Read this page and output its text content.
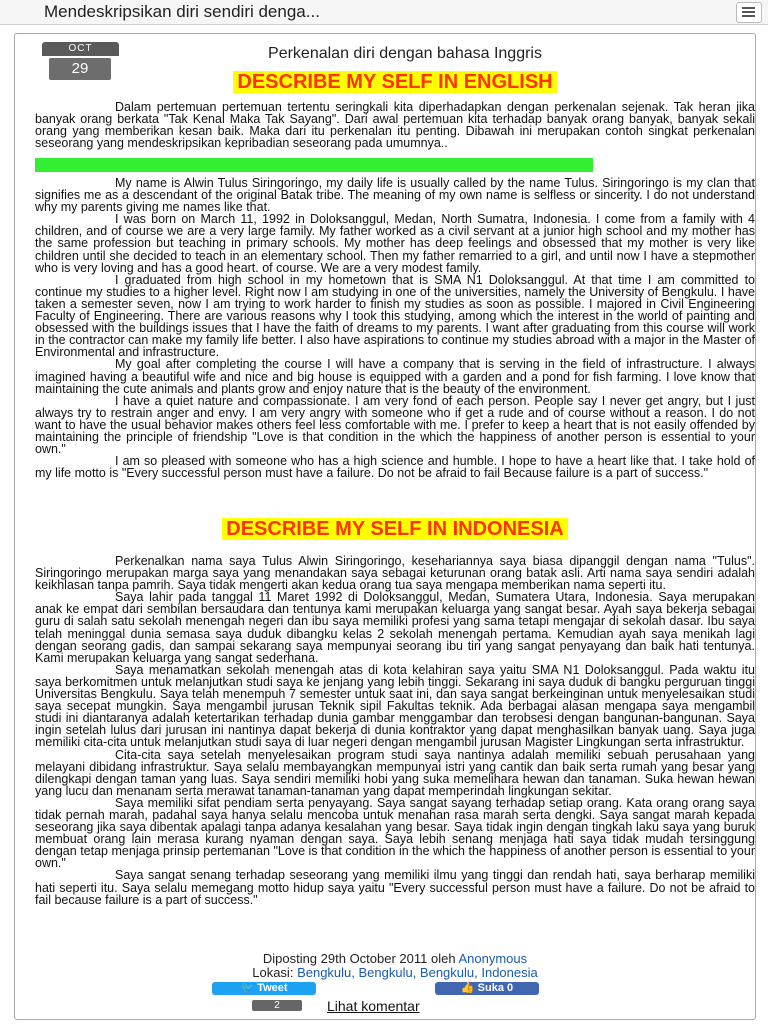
Mendeskripsikan diri sendiri denga...
OCT
29
Perkenalan diri dengan bahasa Inggris
DESCRIBE MY SELF IN ENGLISH

Dalam pertemuan pertemuan tertentu seringkali kita diperhadapkan dengan perkenalan sejenak. Tak heran jika banyak orang berkata "Tak Kenal Maka Tak Sayang". Dari awal pertemuan kita terhadap banyak orang banyak, banyak sekali orang yang memberikan kesan baik. Maka dari itu perkenalan itu penting. Dibawah ini merupakan contoh singkat perkenalan seseorang yang mendeskripsikan kepribadian seseorang pada umumnya..

My name is Alwin Tulus Siringoringo, my daily life is usually called by the name Tulus. Siringoringo is my clan that signifies me as a descendant of the original Batak tribe. The meaning of my own name is selfless or sincerity. I do not understand why my parents giving me names like that.

I was born on March 11, 1992 in Doloksanggul, Medan, North Sumatra, Indonesia. I come from a family with 4 children, and of course we are a very large family. My father worked as a civil servant at a junior high school and my mother has the same profession but teaching in primary schools. My mother has deep feelings and obsessed that my mother is very like children until she decided to teach in an elementary school. Then my father remarried to a girl, and until now I have a stepmother who is very loving and has a good heart. of course. We are a very modest family.

I graduated from high school in my hometown that is SMA N1 Doloksanggul. At that time I am committed to continue my studies to a higher level. Right now I am studying in one of the universities, namely the University of Bengkulu. I have taken a semester seven, now I am trying to work harder to finish my studies as soon as possible. I majored in Civil Engineering Faculty of Engineering. There are various reasons why I took this studying, among which the interest in the world of painting and obsessed with the buildings issues that I have the faith of dreams to my parents. I want after graduating from this course will work in the contractor can make my family life better. I also have aspirations to continue my studies abroad with a major in the Master of Environmental and infrastructure.

My goal after completing the course I will have a company that is serving in the field of infrastructure. I always imagined having a beautiful wife and nice and big house is equipped with a garden and a pond for fish farming. I love know that maintaining the cute animals and plants grow and enjoy nature that is the beauty of the environment.

I have a quiet nature and compassionate. I am very fond of each person. People say I never get angry, but I just always try to restrain anger and envy. I am very angry with someone who if get a rude and of course without a reason. I do not want to have the usual behavior makes others feel less comfortable with me. I prefer to keep a heart that is not easily offended by maintaining the principle of friendship "Love is that condition in the which the happiness of another person is essential to your own."

I am so pleased with someone who has a high science and humble. I hope to have a heart like that. I take hold of my life motto is "Every successful person must have a failure. Do not be afraid to fail Because failure is a part of success."

DESCRIBE MY SELF IN INDONESIA

Perkenalkan nama saya Tulus Alwin Siringoringo, kesehariannya saya biasa dipanggil dengan nama "Tulus". Siringoringo merupakan marga saya yang menandakan saya sebagai keturunan orang batak asli. Arti nama saya sendiri adalah keikhlasan tanpa pamrih. Saya tidak mengerti akan kedua orang tua saya mengapa memberikan nama seperti itu.

Saya lahir pada tanggal 11 Maret 1992 di Doloksanggul, Medan, Sumatera Utara, Indonesia. Saya merupakan anak ke empat dari sembilan bersaudara dan tentunya kami merupakan keluarga yang sangat besar. Ayah saya bekerja sebagai guru di salah satu sekolah menengah negeri dan ibu saya memiliki profesi yang sama tetapi mengajar di sekolah dasar. Ibu saya telah meninggal dunia semasa saya duduk dibangku kelas 2 sekolah menengah pertama. Kemudian ayah saya menikah lagi dengan seorang gadis, dan sampai sekarang saya mempunyai seorang ibu tiri yang sangat penyayang dan baik hati tentunya. Kami merupakan keluarga yang sangat sederhana.

Saya menamatkan sekolah menengah atas di kota kelahiran saya yaitu SMA N1 Doloksanggul. Pada waktu itu saya berkomitmen untuk melanjutkan studi saya ke jenjang yang lebih tinggi. Sekarang ini saya duduk di bangku perguruan tinggi Universitas Bengkulu. Saya telah menempuh 7 semester untuk saat ini, dan saya sangat berkeinginan untuk menyelesaikan studi saya secepat mungkin. Saya mengambil jurusan Teknik sipil Fakultas teknik. Ada berbagai alasan mengapa saya mengambil studi ini diantaranya adalah ketertarikan terhadap dunia gambar menggambar dan terobsesi dengan bangunan-bangunan. Saya ingin setelah lulus dari jurusan ini nantinya dapat bekerja di dunia kontraktor yang dapat menghasilkan banyak uang. Saya juga memiliki cita-cita untuk melanjutkan studi saya di luar negeri dengan mengambil jurusan Magister Lingkungan serta infrastruktur.

Cita-cita saya setelah menyelesaikan program studi saya nantinya adalah memiliki sebuah perusahaan yang melayani dibidang infrastruktur. Saya selalu membayangkan mempunyai istri yang cantik dan baik serta rumah yang besar yang dilengkapi dengan taman yang luas. Saya sendiri memiliki hobi yang suka memelihara hewan dan tanaman. Suka hewan hewan yang lucu dan menanam serta merawat tanaman-tanaman yang dapat memperindah lingkungan sekitar.

Saya memiliki sifat pendiam serta penyayang. Saya sangat sayang terhadap setiap orang. Kata orang orang saya tidak pernah marah, padahal saya hanya selalu mencoba untuk menahan rasa marah serta dengki. Saya sangat marah kepada seseorang jika saya dibentak apalagi tanpa adanya kesalahan yang besar. Saya tidak ingin dengan tingkah laku saya yang buruk membuat orang lain merasa kurang nyaman dengan saya. Saya lebih senang menjaga hati saya tidak mudah tersinggung dengan tetap menjaga prinsip pertemanan "Love is that condition in the which the happiness of another person is essential to your own."

Saya sangat senang terhadap seseorang yang memiliki ilmu yang tinggi dan rendah hati, saya berharap memiliki hati seperti itu. Saya selalu memegang motto hidup saya yaitu "Every successful person must have a failure. Do not be afraid to fail because failure is a part of success."

Diposting 29th October 2011 oleh Anonymous
Lokasi: Bengkulu, Bengkulu, Bengkulu, Indonesia
🐦 Tweet	👍 Suka 0
2	Lihat komentar
